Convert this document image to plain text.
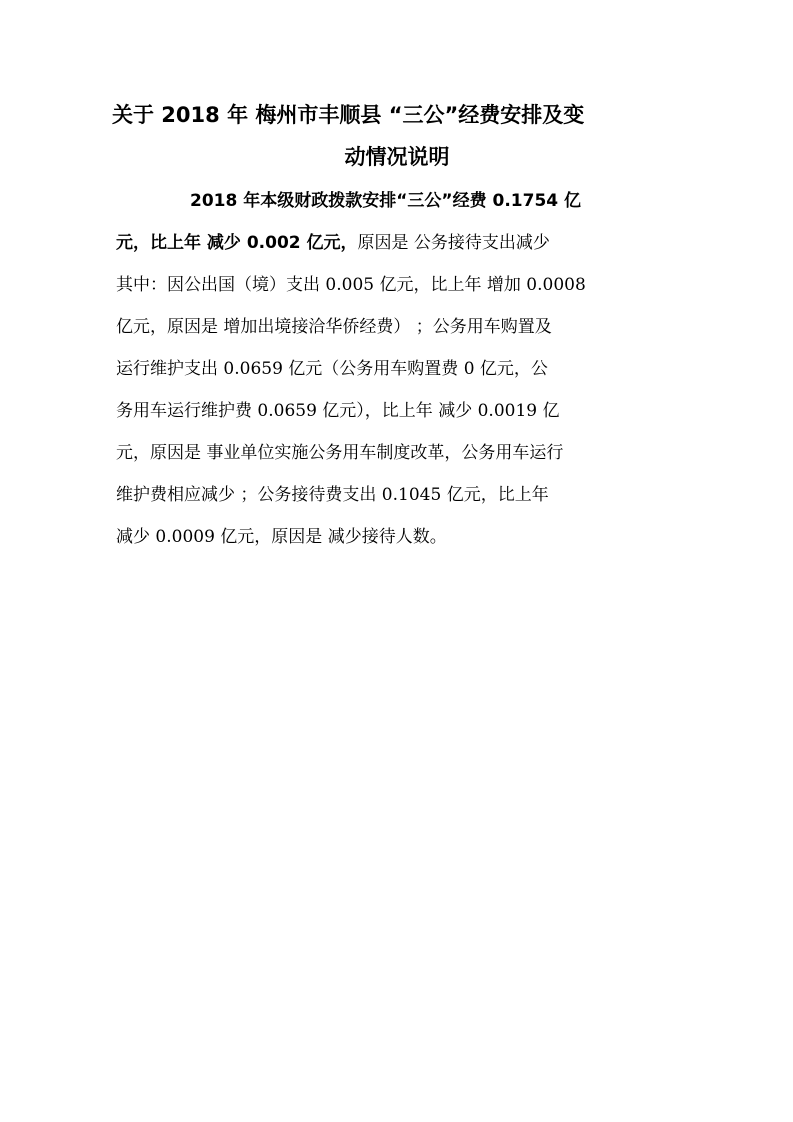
关于 2018 年 梅州市丰顺县 “三公”经费安排及变
动情况说明
2018 年本级财政拨款安排“三公”经费 0.1754 亿
元，比上年 减少 0.002 亿元，原因是 公务接待支出减少
其中：因公出国（境）支出 0.005 亿元，比上年 增加 0.0008
亿元，原因是 增加出境接洽华侨经费） ；公务用车购置及
运行维护支出 0.0659 亿元（公务用车购置费 0 亿元，公
务用车运行维护费 0.0659 亿元），比上年 减少 0.0019 亿
元，原因是 事业单位实施公务用车制度改革，公务用车运行
维护费相应减少 ；公务接待费支出 0.1045 亿元，比上年
减少 0.0009 亿元，原因是 减少接待人数。
